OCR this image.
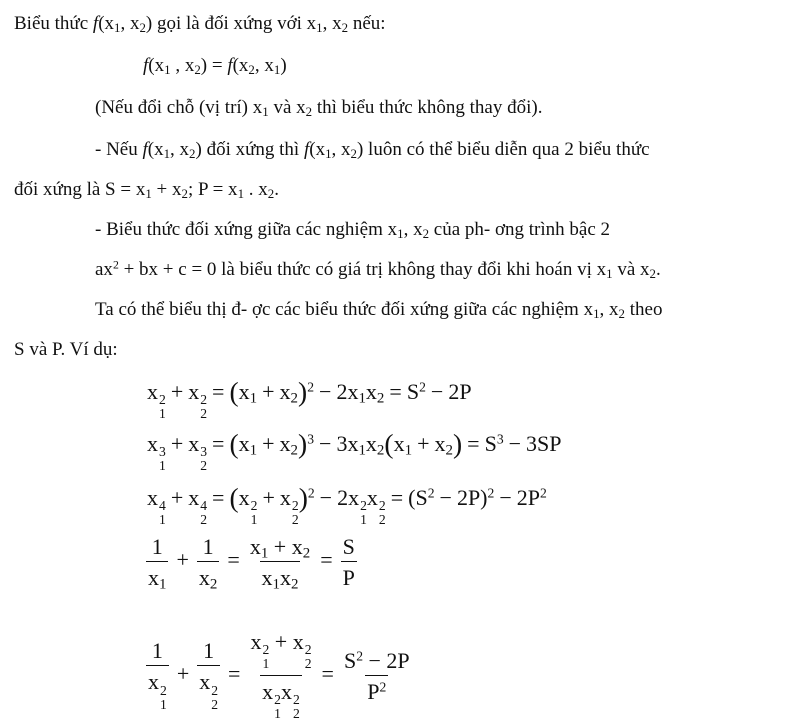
Biểu thức $f(x_1$, $x_2$) gọi là đối xứng với $x_1$, $x_2$ nếu:
$f(x_1$ , $x_2) = f(x_2$, $x_1$)
(Nếu đổi chỗ (vị trí) $x_1$ và $x_2$ thì biểu thức không thay đổi).
- Nếu $f(x_1$, $x_2$) đối xứng thì $f(x_1$, $x_2$) luôn có thể biểu diễn qua 2 biểu thức
đối xứng là $S = x_1 + x_2$; $P = x_1$ . $x_2$.
- Biểu thức đối xứng giữa các nghiệm $x_1$, $x_2$ của ph- ơng trình bậc 2
$ax^2$ + bx + c = 0 là biểu thức có giá trị không thay đổi khi hoán vị $x_1$ và $x_2$.
Ta có thể biểu thị đ- ợc các biểu thức đối xứng giữa các nghiệm $x_1$, $x_2$ theo
S và P. Ví dụ:
x 2
1
+ x 2
2
= $(x_1 + x_2)^2 - 2x_1x_2 = S^2 - 2P$
x 3
1
+ x 3
2
= $(x_1 + x_2)^3 - 3x_1x_2(x_1 + x_2) = S^3 - 3SP$
x 4
1
+ x 4
2
= (x 2
1
+ x 2
2
)$^2$ − 2x 2
1
x 2
2
= $(S^2 - 2P)^2 - 2P^2$
$\frac{1}{x_1} + \frac{1}{x_2} = \frac{x_1 + x_2}{x_1x_2} = \frac{S}{P}$
1
x 2
1 + 1
x 2
2 = x 2
1
+ x 2
2
x 2
1
x 2
$2 = \frac{S^2 - 2P}{P^2}$
